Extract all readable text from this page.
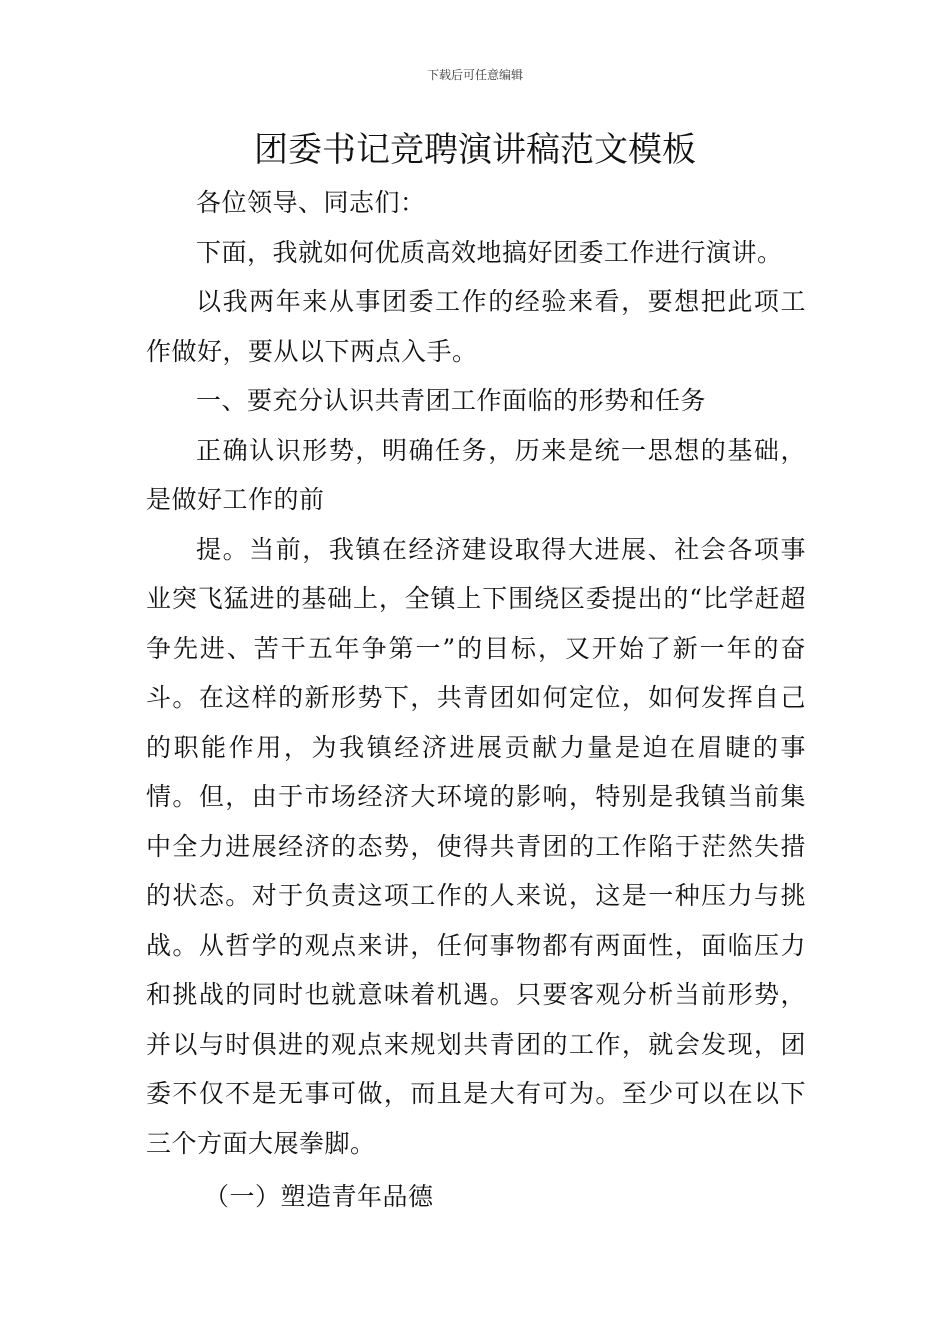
下载后可任意编辑
团委书记竞聘演讲稿范文模板

各位领导、同志们：

下面，我就如何优质高效地搞好团委工作进行演讲。

以我两年来从事团委工作的经验来看，要想把此项工作做好，要从以下两点入手。

一、要充分认识共青团工作面临的形势和任务

正确认识形势，明确任务，历来是统一思想的基础，是做好工作的前

提。当前，我镇在经济建设取得大进展、社会各项事业突飞猛进的基础上，全镇上下围绕区委提出的“比学赶超争先进、苦干五年争第一”的目标，又开始了新一年的奋斗。在这样的新形势下，共青团如何定位，如何发挥自己的职能作用，为我镇经济进展贡献力量是迫在眉睫的事情。但，由于市场经济大环境的影响，特别是我镇当前集中全力进展经济的态势，使得共青团的工作陷于茫然失措的状态。对于负责这项工作的人来说，这是一种压力与挑战。从哲学的观点来讲，任何事物都有两面性，面临压力和挑战的同时也就意味着机遇。只要客观分析当前形势，并以与时俱进的观点来规划共青团的工作，就会发现，团委不仅不是无事可做，而且是大有可为。至少可以在以下三个方面大展拳脚。

（一）塑造青年品德
